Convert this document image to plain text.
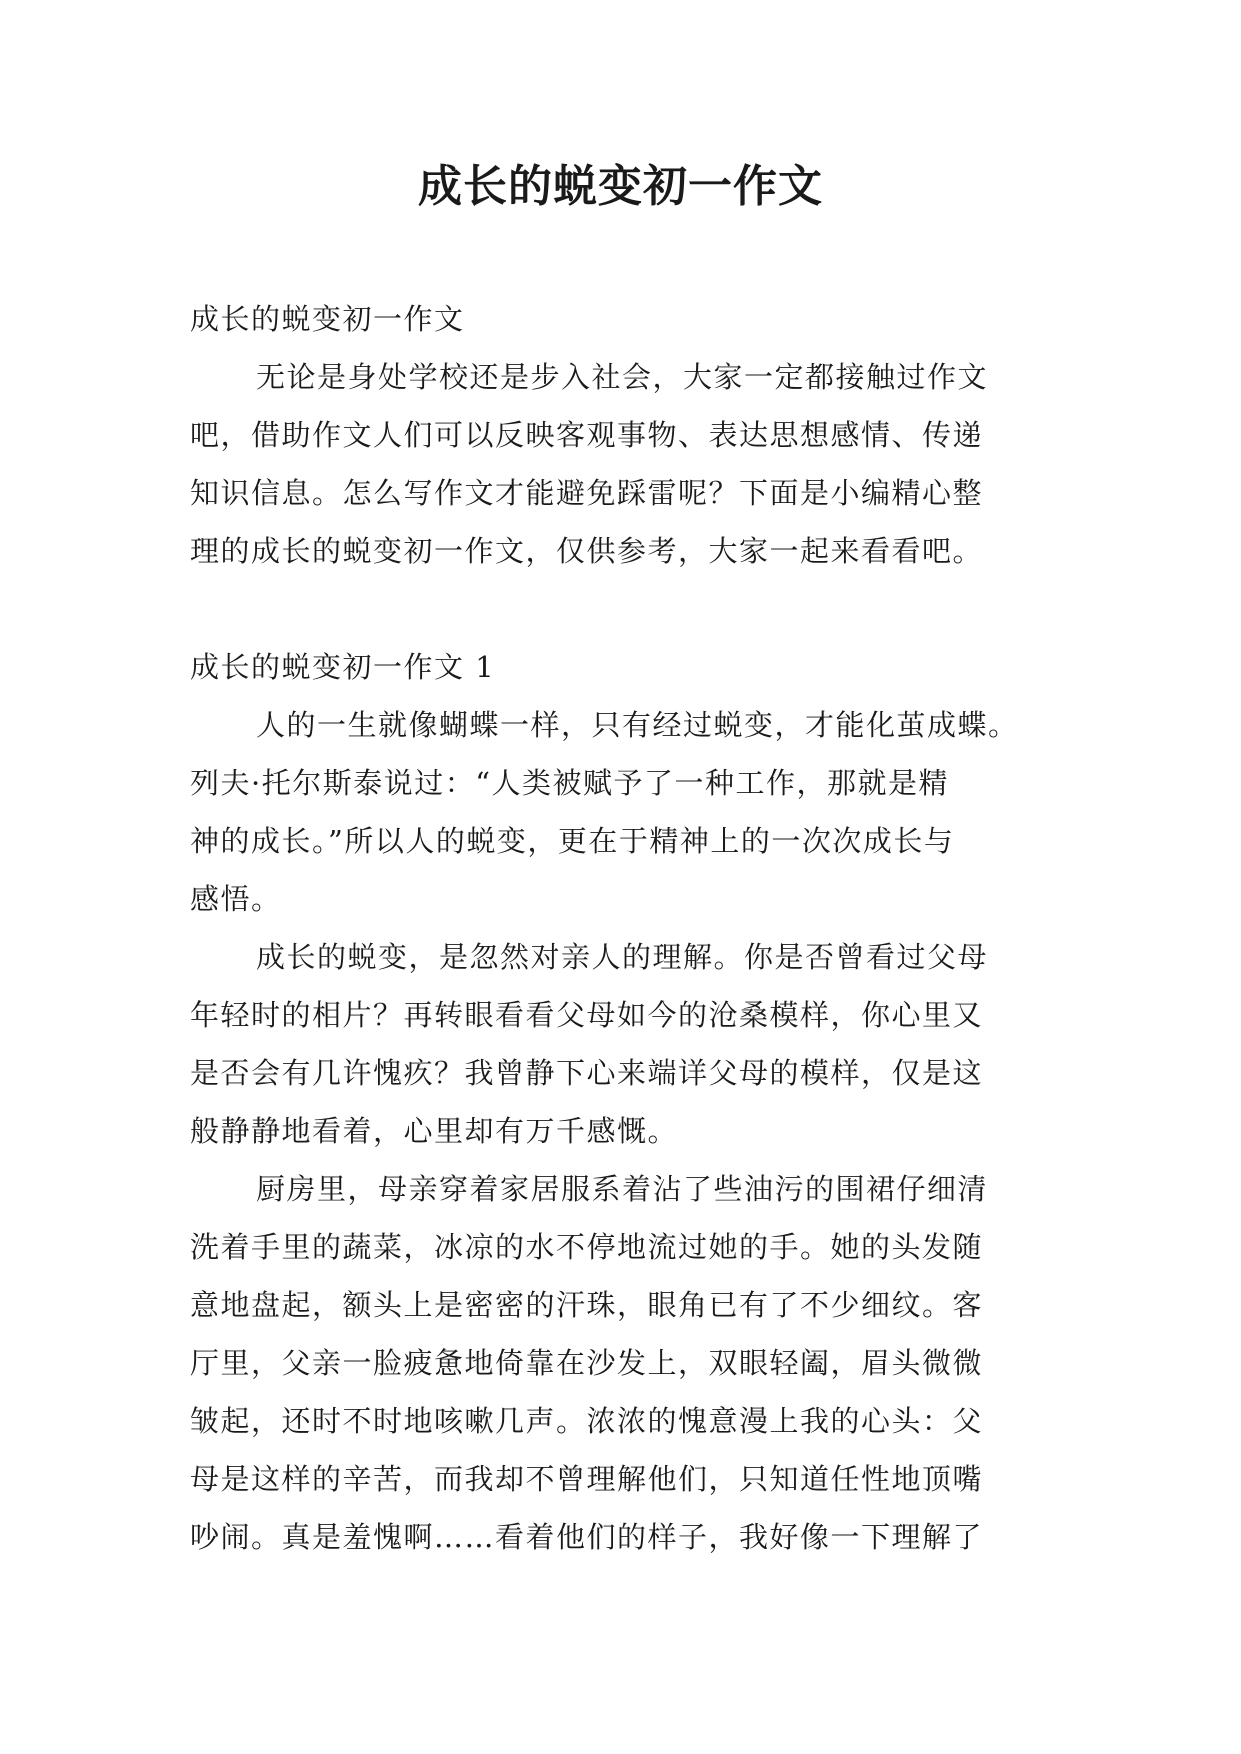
成长的蜕变初一作文
成长的蜕变初一作文
无论是身处学校还是步入社会，大家一定都接触过作文
吧，借助作文人们可以反映客观事物、表达思想感情、传递
知识信息。怎么写作文才能避免踩雷呢？下面是小编精心整
理的成长的蜕变初一作文，仅供参考，大家一起来看看吧。
成长的蜕变初一作文 1
人的一生就像蝴蝶一样，只有经过蜕变，才能化茧成蝶。
列夫·托尔斯泰说过：“人类被赋予了一种工作，那就是精
神的成长。”所以人的蜕变，更在于精神上的一次次成长与
感悟。
成长的蜕变，是忽然对亲人的理解。你是否曾看过父母
年轻时的相片？再转眼看看父母如今的沧桑模样，你心里又
是否会有几许愧疚？我曾静下心来端详父母的模样，仅是这
般静静地看着，心里却有万千感慨。
厨房里，母亲穿着家居服系着沾了些油污的围裙仔细清
洗着手里的蔬菜，冰凉的水不停地流过她的手。她的头发随
意地盘起，额头上是密密的汗珠，眼角已有了不少细纹。客
厅里，父亲一脸疲惫地倚靠在沙发上，双眼轻阖，眉头微微
皱起，还时不时地咳嗽几声。浓浓的愧意漫上我的心头：父
母是这样的辛苦，而我却不曾理解他们，只知道任性地顶嘴
吵闹。真是羞愧啊……看着他们的样子，我好像一下理解了
